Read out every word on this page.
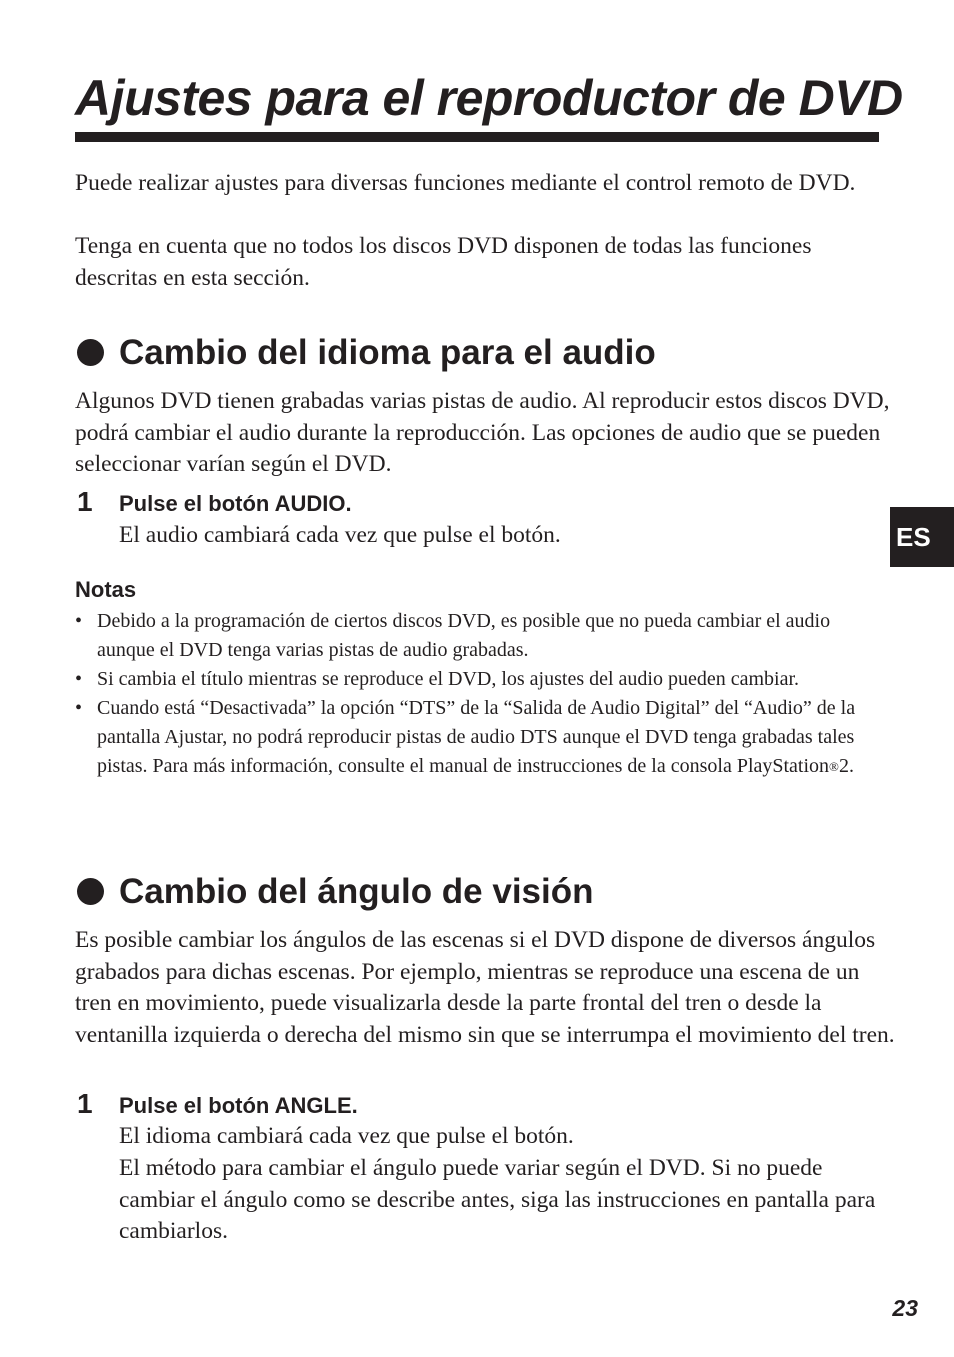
Ajustes para el reproductor de DVD
Puede realizar ajustes para diversas funciones mediante el control remoto de DVD.
Tenga en cuenta que no todos los discos DVD disponen de todas las funciones descritas en esta sección.
Cambio del idioma para el audio
Algunos DVD tienen grabadas varias pistas de audio. Al reproducir estos discos DVD, podrá cambiar el audio durante la reproducción. Las opciones de audio que se pueden seleccionar varían según el DVD.
1 Pulse el botón AUDIO.
El audio cambiará cada vez que pulse el botón.
Notas
• Debido a la programación de ciertos discos DVD, es posible que no pueda cambiar el audio aunque el DVD tenga varias pistas de audio grabadas.
• Si cambia el título mientras se reproduce el DVD, los ajustes del audio pueden cambiar.
• Cuando está “Desactivada” la opción “DTS” de la “Salida de Audio Digital” del “Audio” de la pantalla Ajustar, no podrá reproducir pistas de audio DTS aunque el DVD tenga grabadas tales pistas. Para más información, consulte el manual de instrucciones de la consola PlayStation®2.
Cambio del ángulo de visión
Es posible cambiar los ángulos de las escenas si el DVD dispone de diversos ángulos grabados para dichas escenas. Por ejemplo, mientras se reproduce una escena de un tren en movimiento, puede visualizarla desde la parte frontal del tren o desde la ventanilla izquierda o derecha del mismo sin que se interrumpa el movimiento del tren.
1 Pulse el botón ANGLE.
El idioma cambiará cada vez que pulse el botón.
El método para cambiar el ángulo puede variar según el DVD. Si no puede cambiar el ángulo como se describe antes, siga las instrucciones en pantalla para cambiarlos.
ES
23
